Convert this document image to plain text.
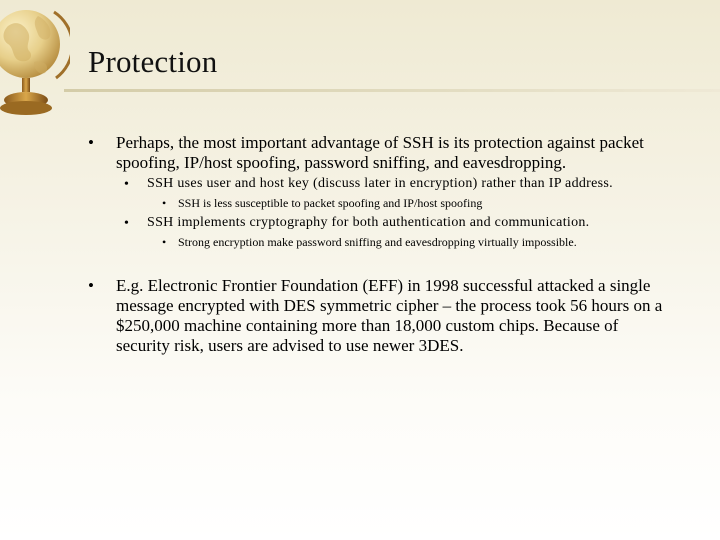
Protection
• Perhaps, the most important advantage of SSH is its protection against packet spoofing, IP/host spoofing, password sniffing, and eavesdropping.
• SSH uses user and host key (discuss later in encryption) rather than IP address.
• SSH is less susceptible to packet spoofing and IP/host spoofing
• SSH implements cryptography for both authentication and communication.
• Strong encryption make password sniffing and eavesdropping virtually impossible.
• E.g. Electronic Frontier Foundation (EFF) in 1998 successful attacked a single message encrypted with DES symmetric cipher – the process took 56 hours on a $250,000 machine containing more than 18,000 custom chips. Because of security risk, users are advised to use newer 3DES.
